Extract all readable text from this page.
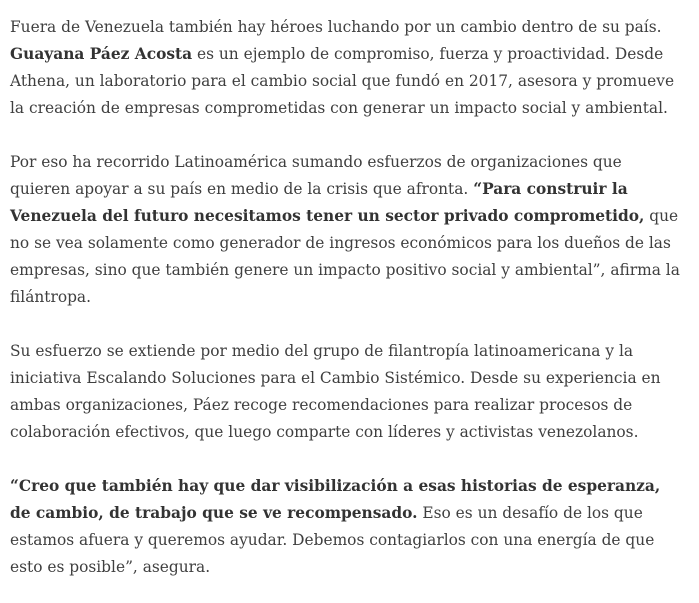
Fuera de Venezuela también hay héroes luchando por un cambio dentro de su país. Guayana Páez Acosta es un ejemplo de compromiso, fuerza y proactividad. Desde Athena, un laboratorio para el cambio social que fundó en 2017, asesora y promueve la creación de empresas comprometidas con generar un impacto social y ambiental.

Por eso ha recorrido Latinoamérica sumando esfuerzos de organizaciones que quieren apoyar a su país en medio de la crisis que afronta. “Para construir la Venezuela del futuro necesitamos tener un sector privado comprometido, que no se vea solamente como generador de ingresos económicos para los dueños de las empresas, sino que también genere un impacto positivo social y ambiental”, afirma la filántropa.

Su esfuerzo se extiende por medio del grupo de filantropía latinoamericana y la iniciativa Escalando Soluciones para el Cambio Sistémico. Desde su experiencia en ambas organizaciones, Páez recoge recomendaciones para realizar procesos de colaboración efectivos, que luego comparte con líderes y activistas venezolanos.

“Creo que también hay que dar visibilización a esas historias de esperanza, de cambio, de trabajo que se ve recompensado. Eso es un desafío de los que estamos afuera y queremos ayudar. Debemos contagiarlos con una energía de que esto es posible”, asegura.
